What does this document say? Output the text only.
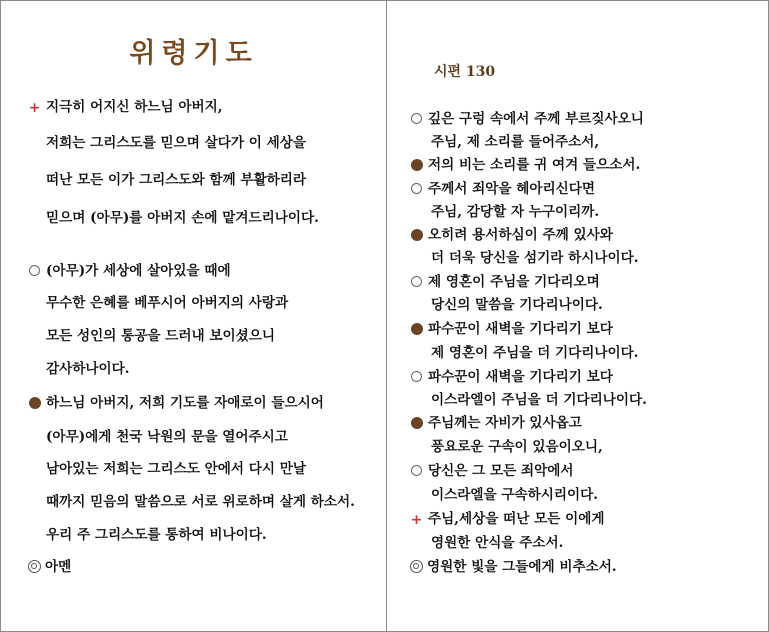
위령기도
+ 지극히 어지신 하느님 아버지,
저희는 그리스도를 믿으며 살다가 이 세상을
떠난 모든 이가 그리스도와 함께 부활하리라
믿으며 (아무)를 아버지 손에 맡겨드리나이다.
(아무)가 세상에 살아있을 때에
무수한 은혜를 베푸시어 아버지의 사랑과
모든 성인의 통공을 드러내 보이셨으니
감사하나이다.
하느님 아버지, 저희 기도를 자애로이 들으시어
(아무)에게 천국 낙원의 문을 열어주시고
남아있는 저희는 그리스도 안에서 다시 만날
때까지 믿음의 말씀으로 서로 위로하며 살게 하소서.
우리 주 그리스도를 통하여 비나이다.
아멘
시편 130
깊은 구렁 속에서 주께 부르짖사오니
주님, 제 소리를 들어주소서,
저의 비는 소리를 귀 여겨 들으소서.
주께서 죄악을 헤아리신다면
주님, 감당할 자 누구이리까.
오히려 용서하심이 주께 있사와
더 더욱 당신을 섬기라 하시나이다.
제 영혼이 주님을 기다리오며
당신의 말씀을 기다리나이다.
파수꾼이 새벽을 기다리기 보다
제 영혼이 주님을 더 기다리나이다.
파수꾼이 새벽을 기다리기 보다
이스라엘이 주님을 더 기다리나이다.
주님께는 자비가 있사옵고
풍요로운 구속이 있음이오니,
당신은 그 모든 죄악에서
이스라엘을 구속하시리이다.
+ 주님,세상을 떠난 모든 이에게
영원한 안식을 주소서.
영원한 빛을 그들에게 비추소서.
